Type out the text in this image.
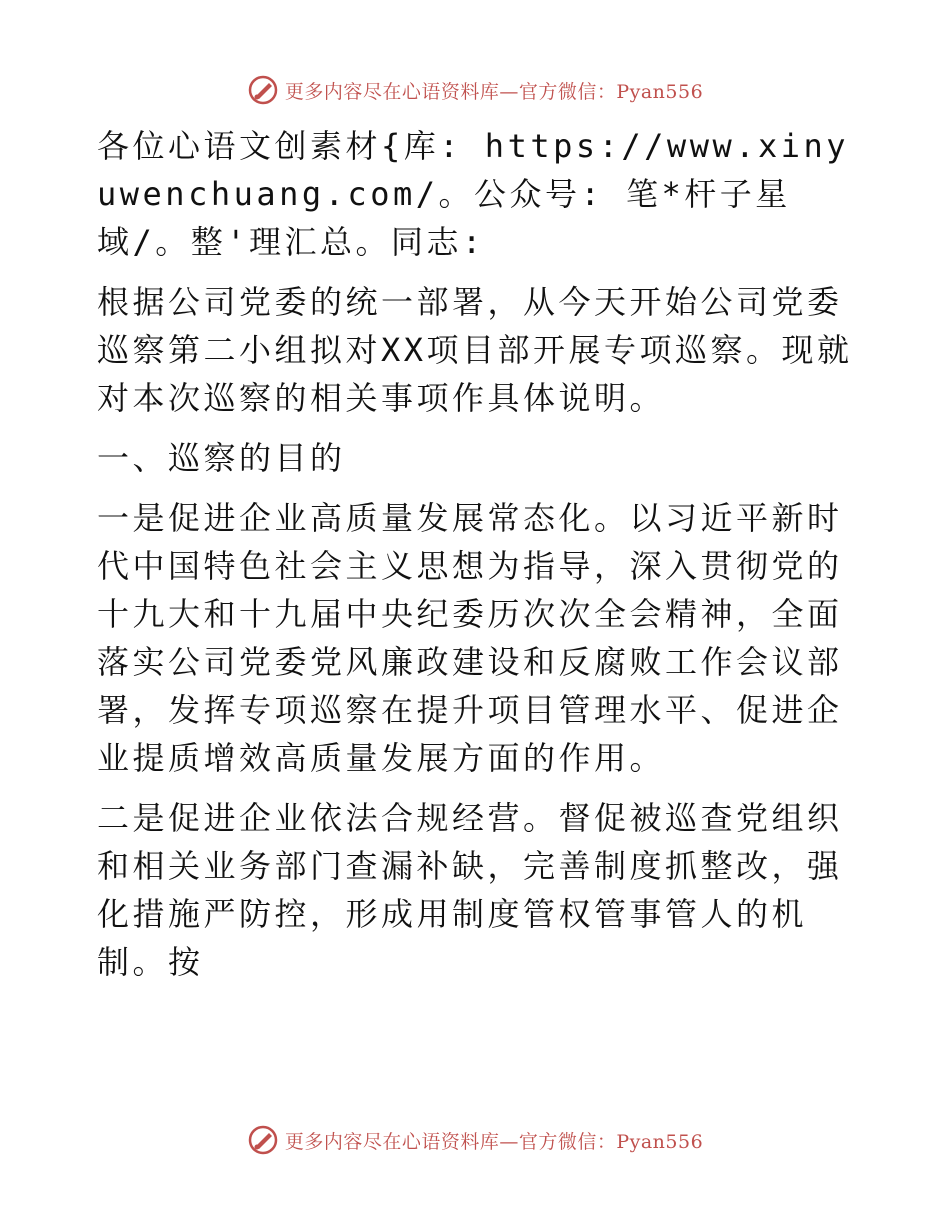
更多内容尽在心语资料库—官方微信：Pyan556

各位心语文创素材{库: https://www.xinyuwenchuang.com/。公众号: 笔*杆子星域/。整'理汇总。同志:

根据公司党委的统一部署，从今天开始公司党委巡察第二小组拟对XX项目部开展专项巡察。现就对本次巡察的相关事项作具体说明。

一、巡察的目的

一是促进企业高质量发展常态化。以习近平新时代中国特色社会主义思想为指导，深入贯彻党的十九大和十九届中央纪委历次次全会精神，全面落实公司党委党风廉政建设和反腐败工作会议部署，发挥专项巡察在提升项目管理水平、促进企业提质增效高质量发展方面的作用。

二是促进企业依法合规经营。督促被巡查党组织和相关业务部门查漏补缺，完善制度抓整改，强化措施严防控，形成用制度管权管事管人的机制。按

更多内容尽在心语资料库—官方微信：Pyan556
